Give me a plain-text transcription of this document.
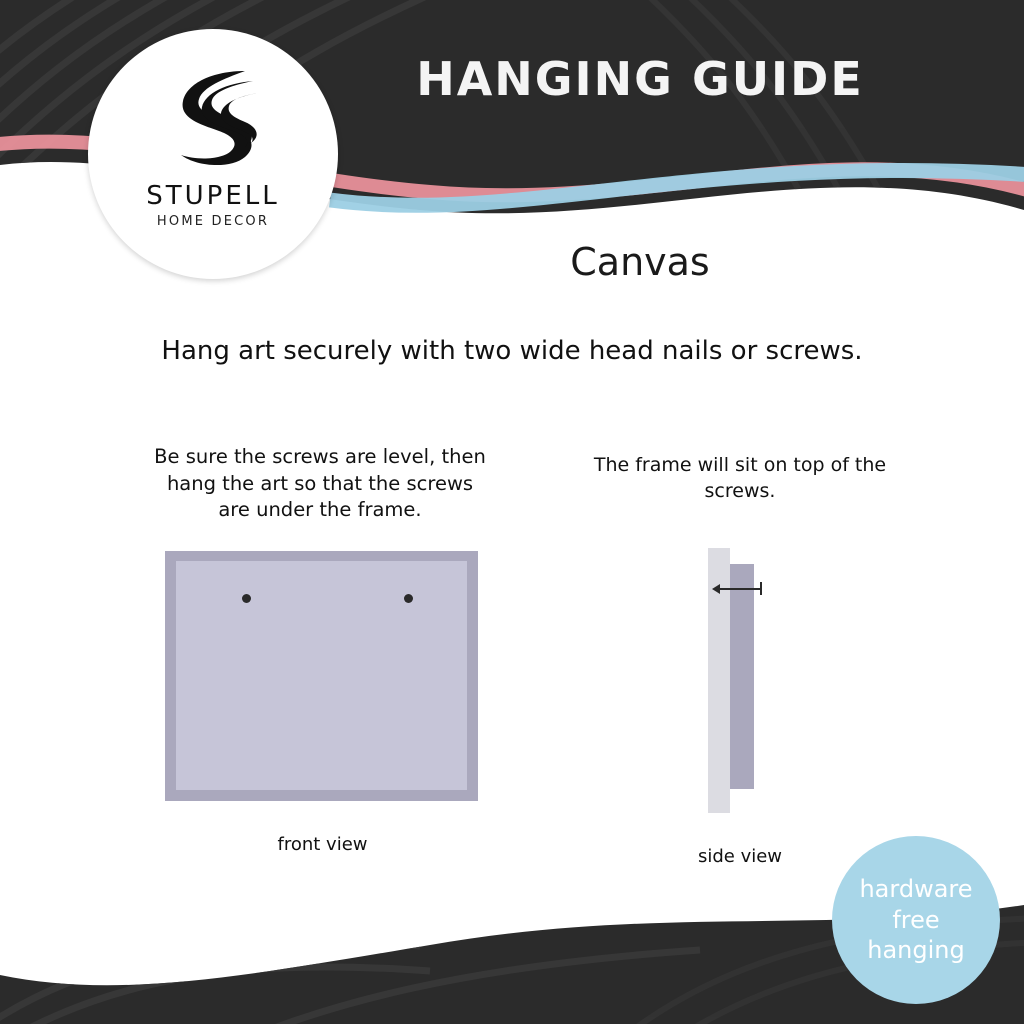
HANGING GUIDE
STUPELL
HOME DECOR
Canvas
Hang art securely with two wide head nails or screws.
Be sure the screws are level, then hang the art so that the screws are under the frame.
The frame will sit on top of the screws.
front view
side view
hardware
free
hanging
